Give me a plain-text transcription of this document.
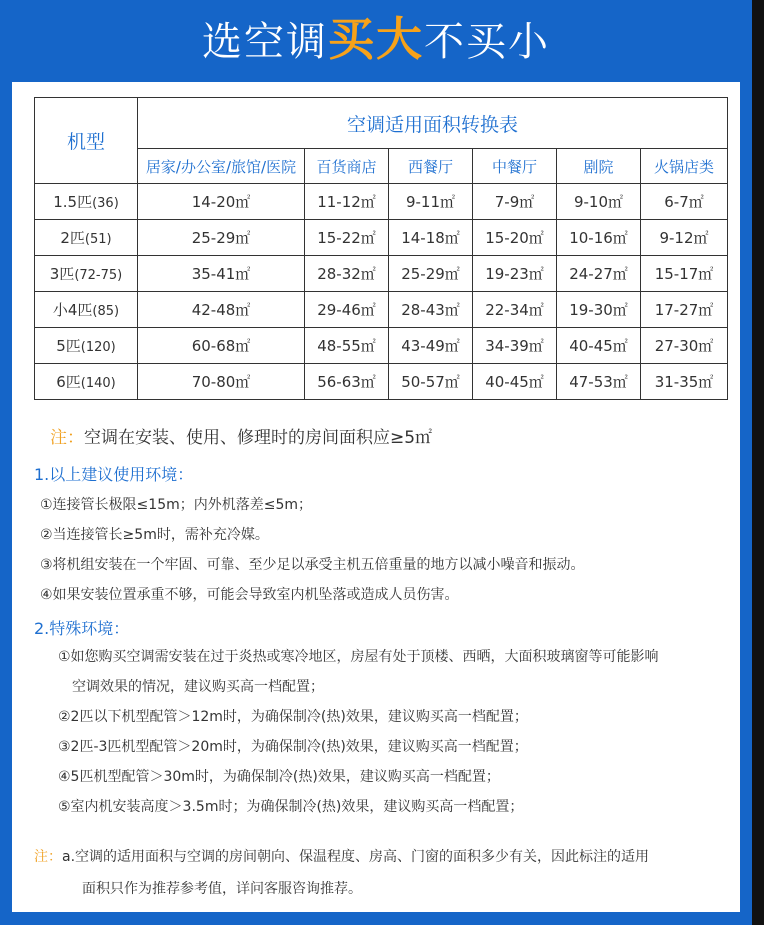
选空调买大不买小
机型	空调适用面积转换表					
	居家/办公室/旅馆/医院	百货商店	西餐厅	中餐厅	剧院	火锅店类
1.5匹(36)	14-20㎡	11-12㎡	9-11㎡	7-9㎡	9-10㎡	6-7㎡
2匹(51)	25-29㎡	15-22㎡	14-18㎡	15-20㎡	10-16㎡	9-12㎡
3匹(72-75)	35-41㎡	28-32㎡	25-29㎡	19-23㎡	24-27㎡	15-17㎡
小4匹(85)	42-48㎡	29-46㎡	28-43㎡	22-34㎡	19-30㎡	17-27㎡
5匹(120)	60-68㎡	48-55㎡	43-49㎡	34-39㎡	40-45㎡	27-30㎡
6匹(140)	70-80㎡	56-63㎡	50-57㎡	40-45㎡	47-53㎡	31-35㎡
注：空调在安装、使用、修理时的房间面积应≥5㎡
1.以上建议使用环境：
①连接管长极限≤15m；内外机落差≤5m；
②当连接管长≥5m时，需补充冷媒。
③将机组安装在一个牢固、可靠、至少足以承受主机五倍重量的地方以减小噪音和振动。
④如果安装位置承重不够，可能会导致室内机坠落或造成人员伤害。
2.特殊环境：
①如您购买空调需安装在过于炎热或寒冷地区，房屋有处于顶楼、西晒，大面积玻璃窗等可能影响
空调效果的情况，建议购买高一档配置；
②2匹以下机型配管＞12m时，为确保制冷(热)效果，建议购买高一档配置；
③2匹-3匹机型配管＞20m时，为确保制冷(热)效果，建议购买高一档配置；
④5匹机型配管＞30m时，为确保制冷(热)效果，建议购买高一档配置；
⑤室内机安装高度＞3.5m时；为确保制冷(热)效果，建议购买高一档配置；
注：a.空调的适用面积与空调的房间朝向、保温程度、房高、门窗的面积多少有关，因此标注的适用
面积只作为推荐参考值，详问客服咨询推荐。
